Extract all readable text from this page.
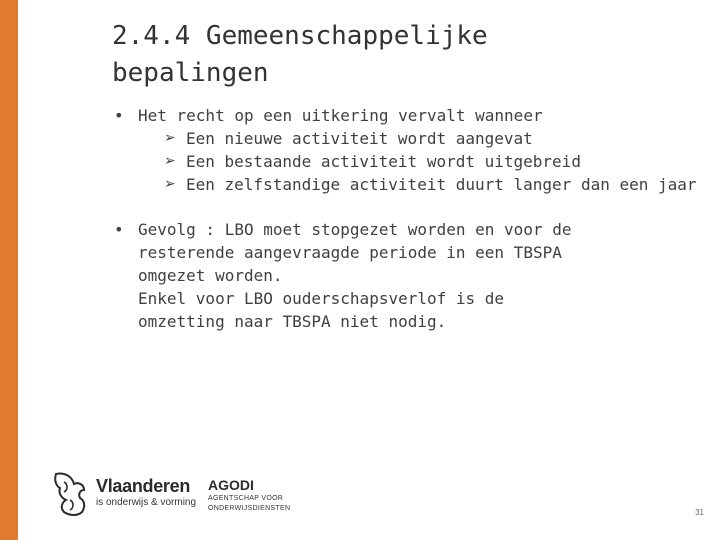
2.4.4 Gemeenschappelijke
bepalingen

• Het recht op een uitkering vervalt wanneer

➢ Een nieuwe activiteit wordt aangevat

➢ Een bestaande activiteit wordt uitgebreid

➢ Een zelfstandige activiteit duurt langer dan een jaar

• Gevolg : LBO moet stopgezet worden en voor de

resterende aangevraagde periode in een TBSPA

omgezet worden.

Enkel voor LBO ouderschapsverlof is de

omzetting naar TBSPA niet nodig.

Vlaanderen
is onderwijs & vorming
AGODI
AGENTSCHAP VOOR
ONDERWIJSDIENSTEN	31
